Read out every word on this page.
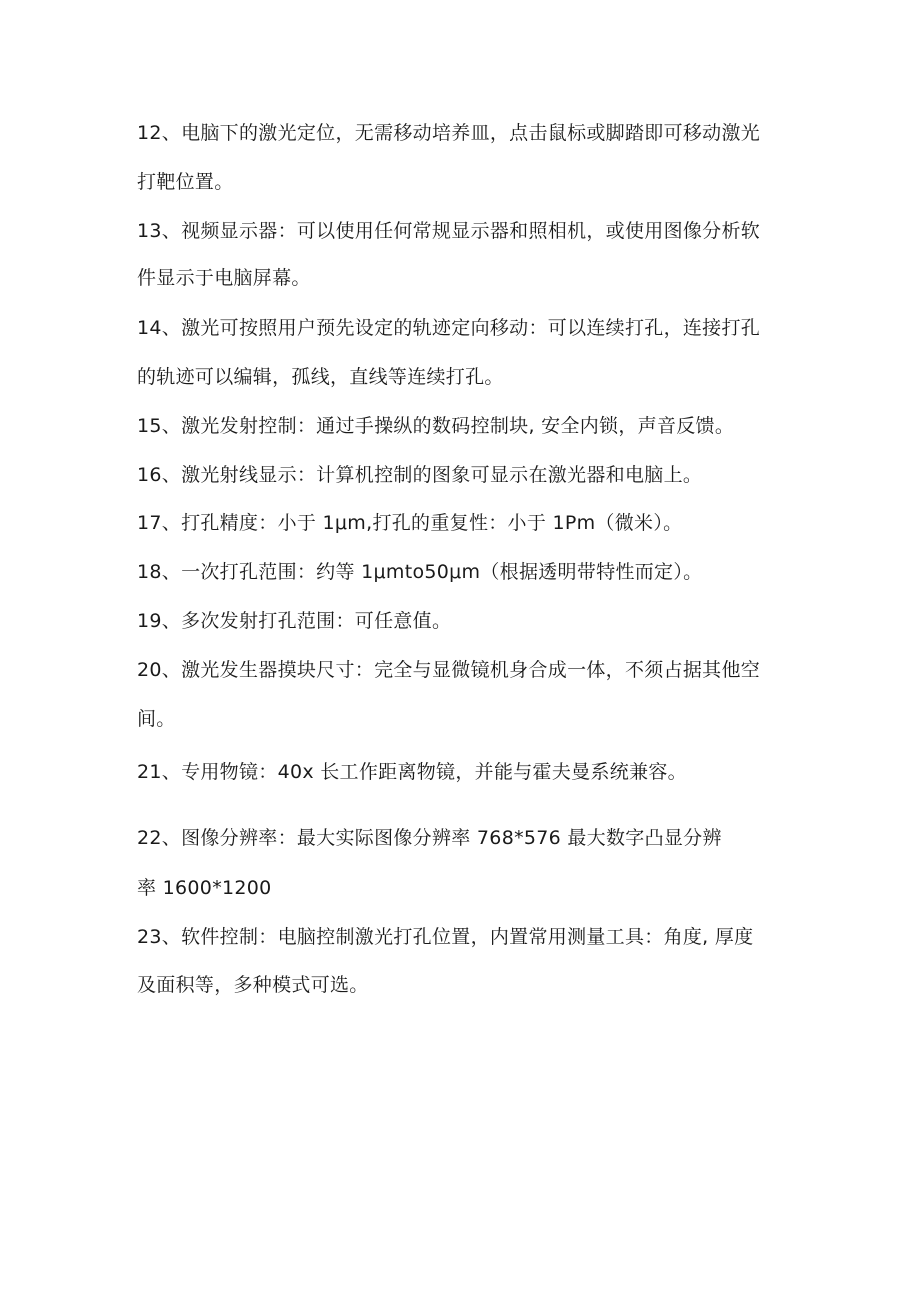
12、电脑下的激光定位，无需移动培养皿，点击鼠标或脚踏即可移动激光
打靶位置。
13、视频显示器：可以使用任何常规显示器和照相机，或使用图像分析软
件显示于电脑屏幕。
14、激光可按照用户预先设定的轨迹定向移动：可以连续打孔，连接打孔
的轨迹可以编辑，孤线，直线等连续打孔。
15、激光发射控制：通过手操纵的数码控制块, 安全内锁，声音反馈。
16、激光射线显示：计算机控制的图象可显示在激光器和电脑上。
17、打孔精度：小于 1μm,打孔的重复性：小于 1Pm（微米）。
18、一次打孔范围：约等 1μmto50μm（根据透明带特性而定）。
19、多次发射打孔范围：可任意值。
20、激光发生器摸块尺寸：完全与显微镜机身合成一体，不须占据其他空
间。
21、专用物镜：40x 长工作距离物镜，并能与霍夫曼系统兼容。
22、图像分辨率：最大实际图像分辨率 768*576 最大数字凸显分辨
率 1600*1200
23、软件控制：电脑控制激光打孔位置，内置常用测量工具：角度, 厚度
及面积等，多种模式可选。
